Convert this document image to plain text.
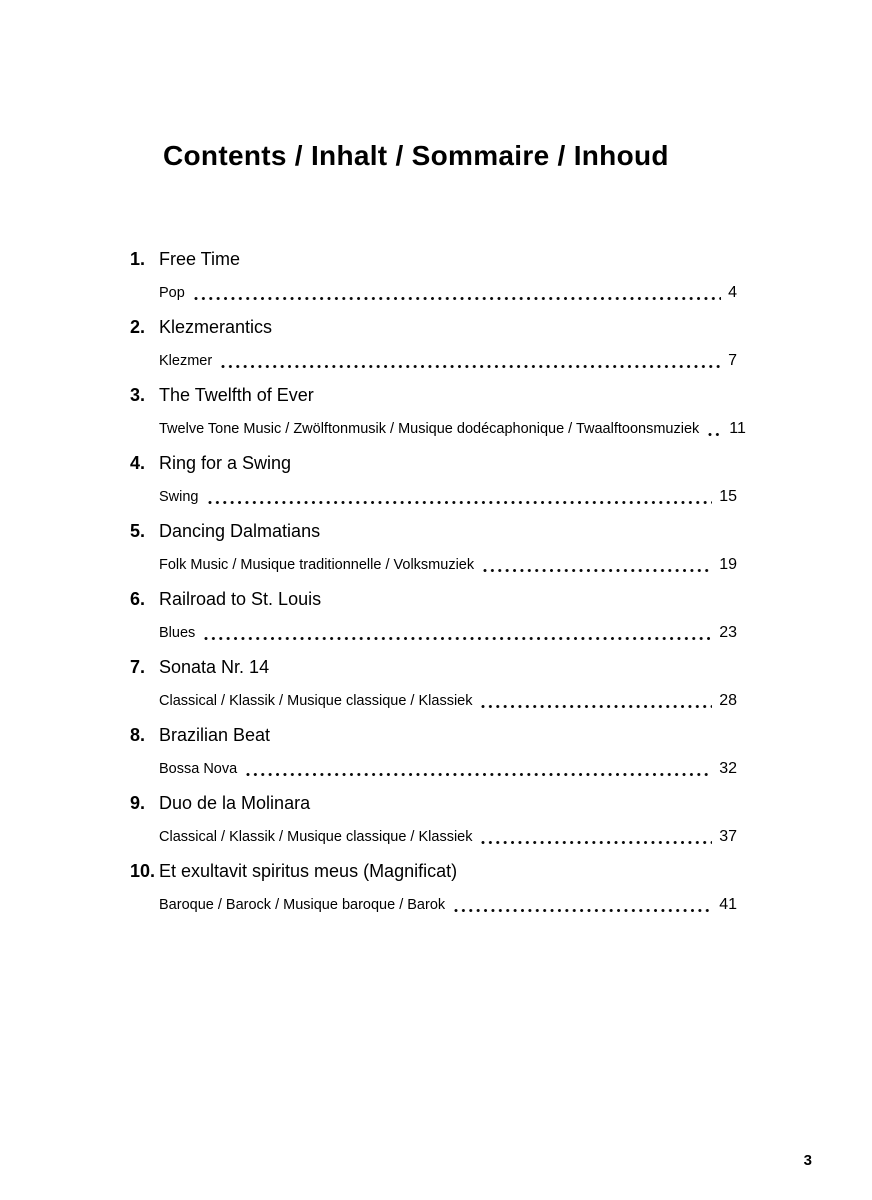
Contents / Inhalt / Sommaire / Inhoud
1. Free Time
Pop	4
2. Klezmerantics
Klezmer	7
3. The Twelfth of Ever
Twelve Tone Music / Zwölftonmusik / Musique dodécaphonique / Twaalftoonsmuziek 11
4. Ring for a Swing
Swing	15
5. Dancing Dalmatians
Folk Music / Musique traditionnelle / Volksmuziek	19
6. Railroad to St. Louis
Blues	23
7. Sonata Nr. 14
Classical / Klassik / Musique classique / Klassiek	28
8. Brazilian Beat
Bossa Nova	32
9. Duo de la Molinara
Classical / Klassik / Musique classique / Klassiek	37
10. Et exultavit spiritus meus (Magnificat)
Baroque / Barock / Musique baroque / Barok	41
3
